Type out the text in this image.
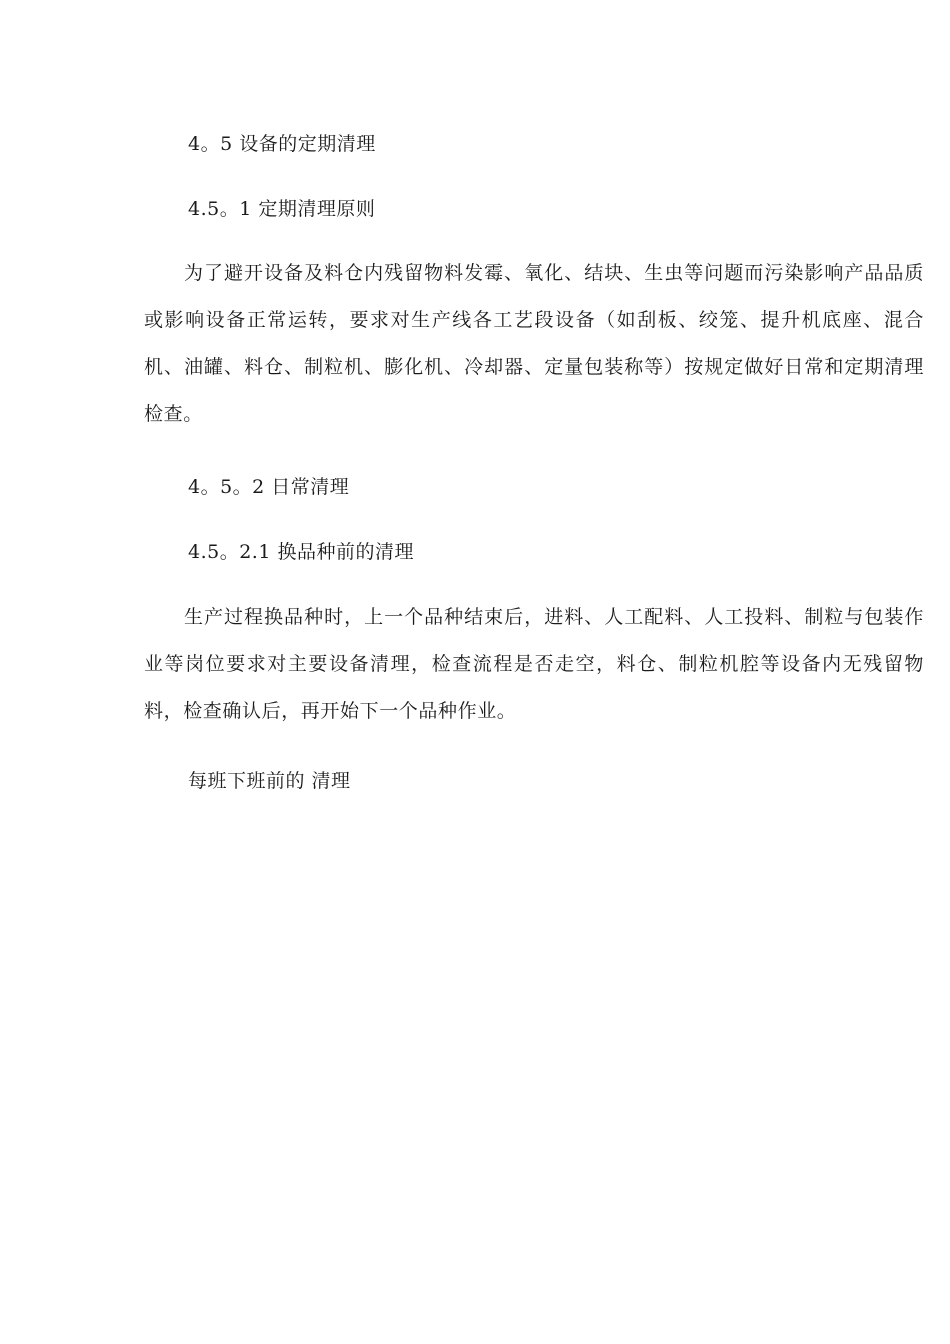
4。5 设备的定期清理
4.5。1 定期清理原则
为了避开设备及料仓内残留物料发霉、氧化、结块、生虫等问题而污染影响产品品质或影响设备正常运转，要求对生产线各工艺段设备（如刮板、绞笼、提升机底座、混合机、油罐、料仓、制粒机、膨化机、冷却器、定量包装称等）按规定做好日常和定期清理检查。
4。5。2 日常清理
4.5。2.1 换品种前的清理
生产过程换品种时，上一个品种结束后，进料、人工配料、人工投料、制粒与包装作业等岗位要求对主要设备清理，检查流程是否走空，料仓、制粒机腔等设备内无残留物料，检查确认后，再开始下一个品种作业。
每班下班前的 清理
